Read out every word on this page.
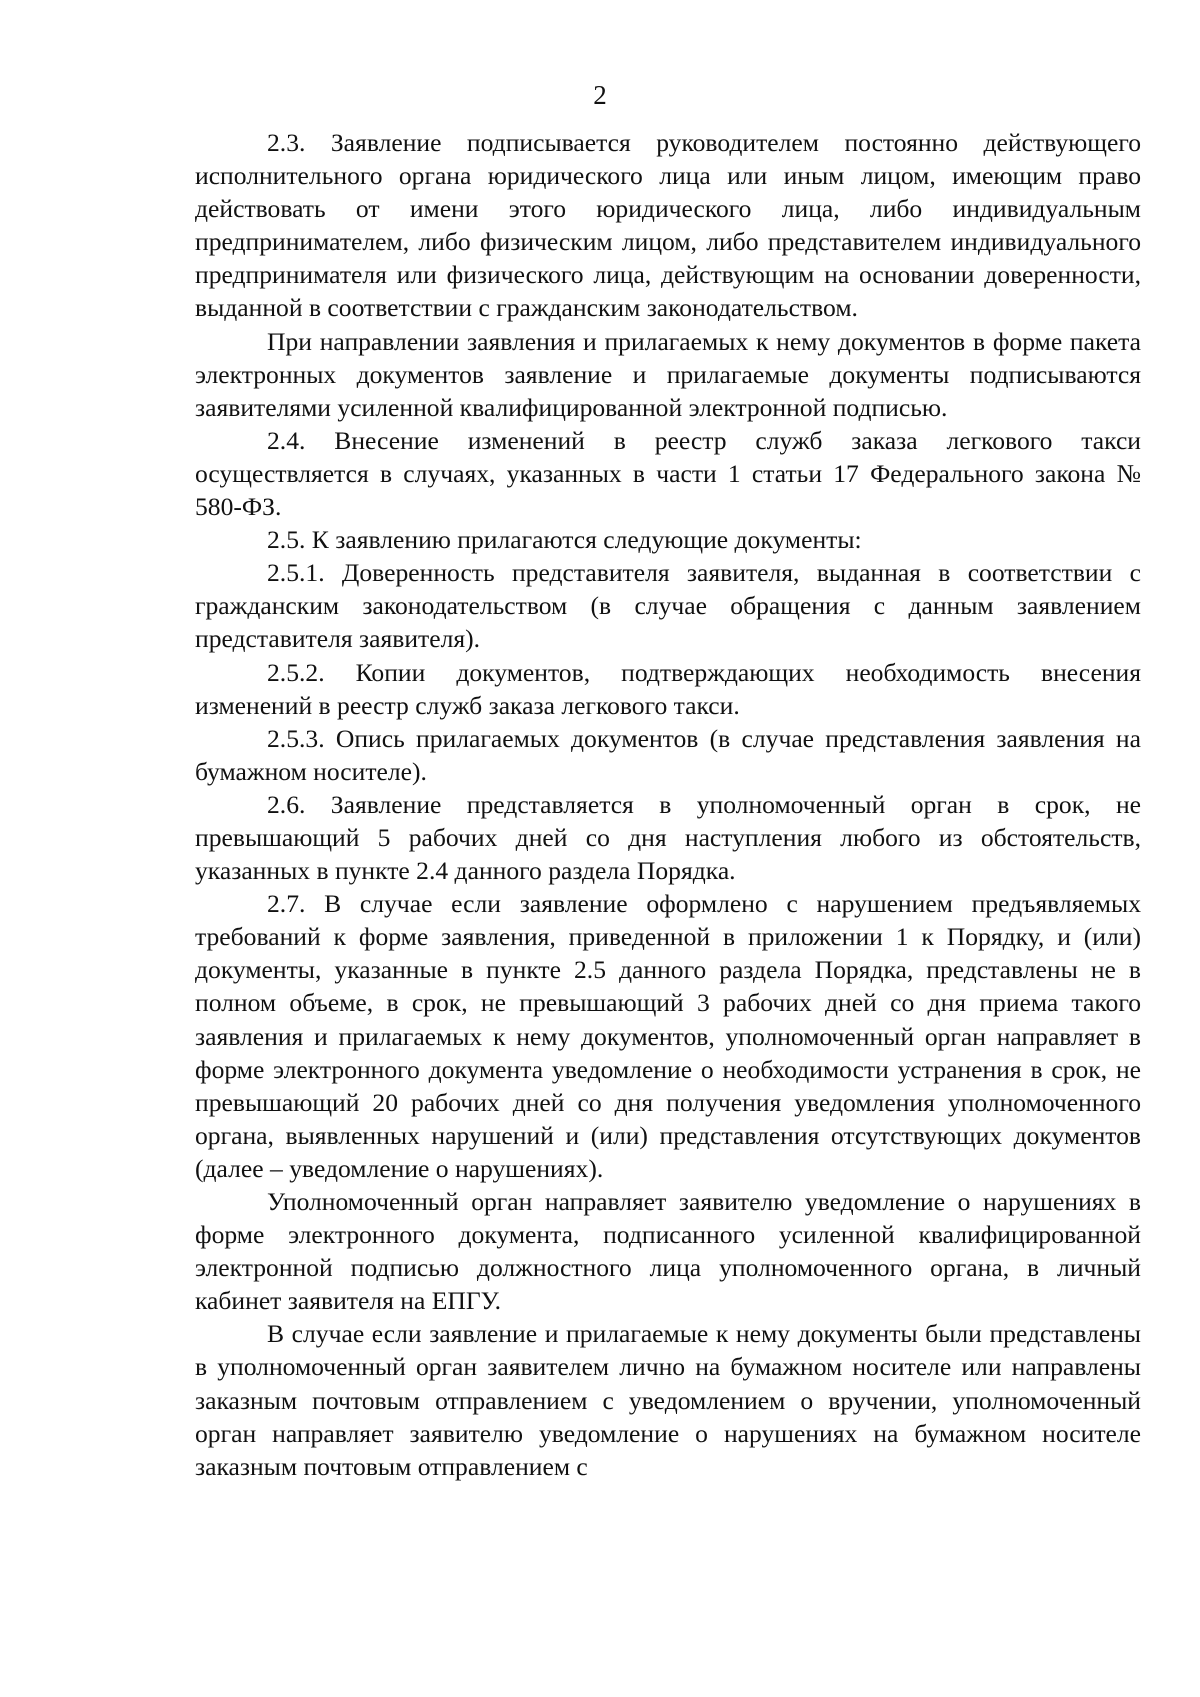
2

2.3. Заявление подписывается руководителем постоянно действующего исполнительного органа юридического лица или иным лицом, имеющим право действовать от имени этого юридического лица, либо индивидуальным предпринимателем, либо физическим лицом, либо представителем индивидуального предпринимателя или физического лица, действующим на основании доверенности, выданной в соответствии с гражданским законодательством.

При направлении заявления и прилагаемых к нему документов в форме пакета электронных документов заявление и прилагаемые документы подписываются заявителями усиленной квалифицированной электронной подписью.

2.4. Внесение изменений в реестр служб заказа легкового такси осуществляется в случаях, указанных в части 1 статьи 17 Федерального закона № 580-ФЗ.

2.5. К заявлению прилагаются следующие документы:

2.5.1. Доверенность представителя заявителя, выданная в соответствии с гражданским законодательством (в случае обращения с данным заявлением представителя заявителя).

2.5.2. Копии документов, подтверждающих необходимость внесения изменений в реестр служб заказа легкового такси.

2.5.3. Опись прилагаемых документов (в случае представления заявления на бумажном носителе).

2.6. Заявление представляется в уполномоченный орган в срок, не превышающий 5 рабочих дней со дня наступления любого из обстоятельств, указанных в пункте 2.4 данного раздела Порядка.

2.7. В случае если заявление оформлено с нарушением предъявляемых требований к форме заявления, приведенной в приложении 1 к Порядку, и (или) документы, указанные в пункте 2.5 данного раздела Порядка, представлены не в полном объеме, в срок, не превышающий 3 рабочих дней со дня приема такого заявления и прилагаемых к нему документов, уполномоченный орган направляет в форме электронного документа уведомление о необходимости устранения в срок, не превышающий 20 рабочих дней со дня получения уведомления уполномоченного органа, выявленных нарушений и (или) представления отсутствующих документов (далее – уведомление о нарушениях).

Уполномоченный орган направляет заявителю уведомление о нарушениях в форме электронного документа, подписанного усиленной квалифицированной электронной подписью должностного лица уполномоченного органа, в личный кабинет заявителя на ЕПГУ.

В случае если заявление и прилагаемые к нему документы были представлены в уполномоченный орган заявителем лично на бумажном носителе или направлены заказным почтовым отправлением с уведомлением о вручении, уполномоченный орган направляет заявителю уведомление о нарушениях на бумажном носителе заказным почтовым отправлением с
